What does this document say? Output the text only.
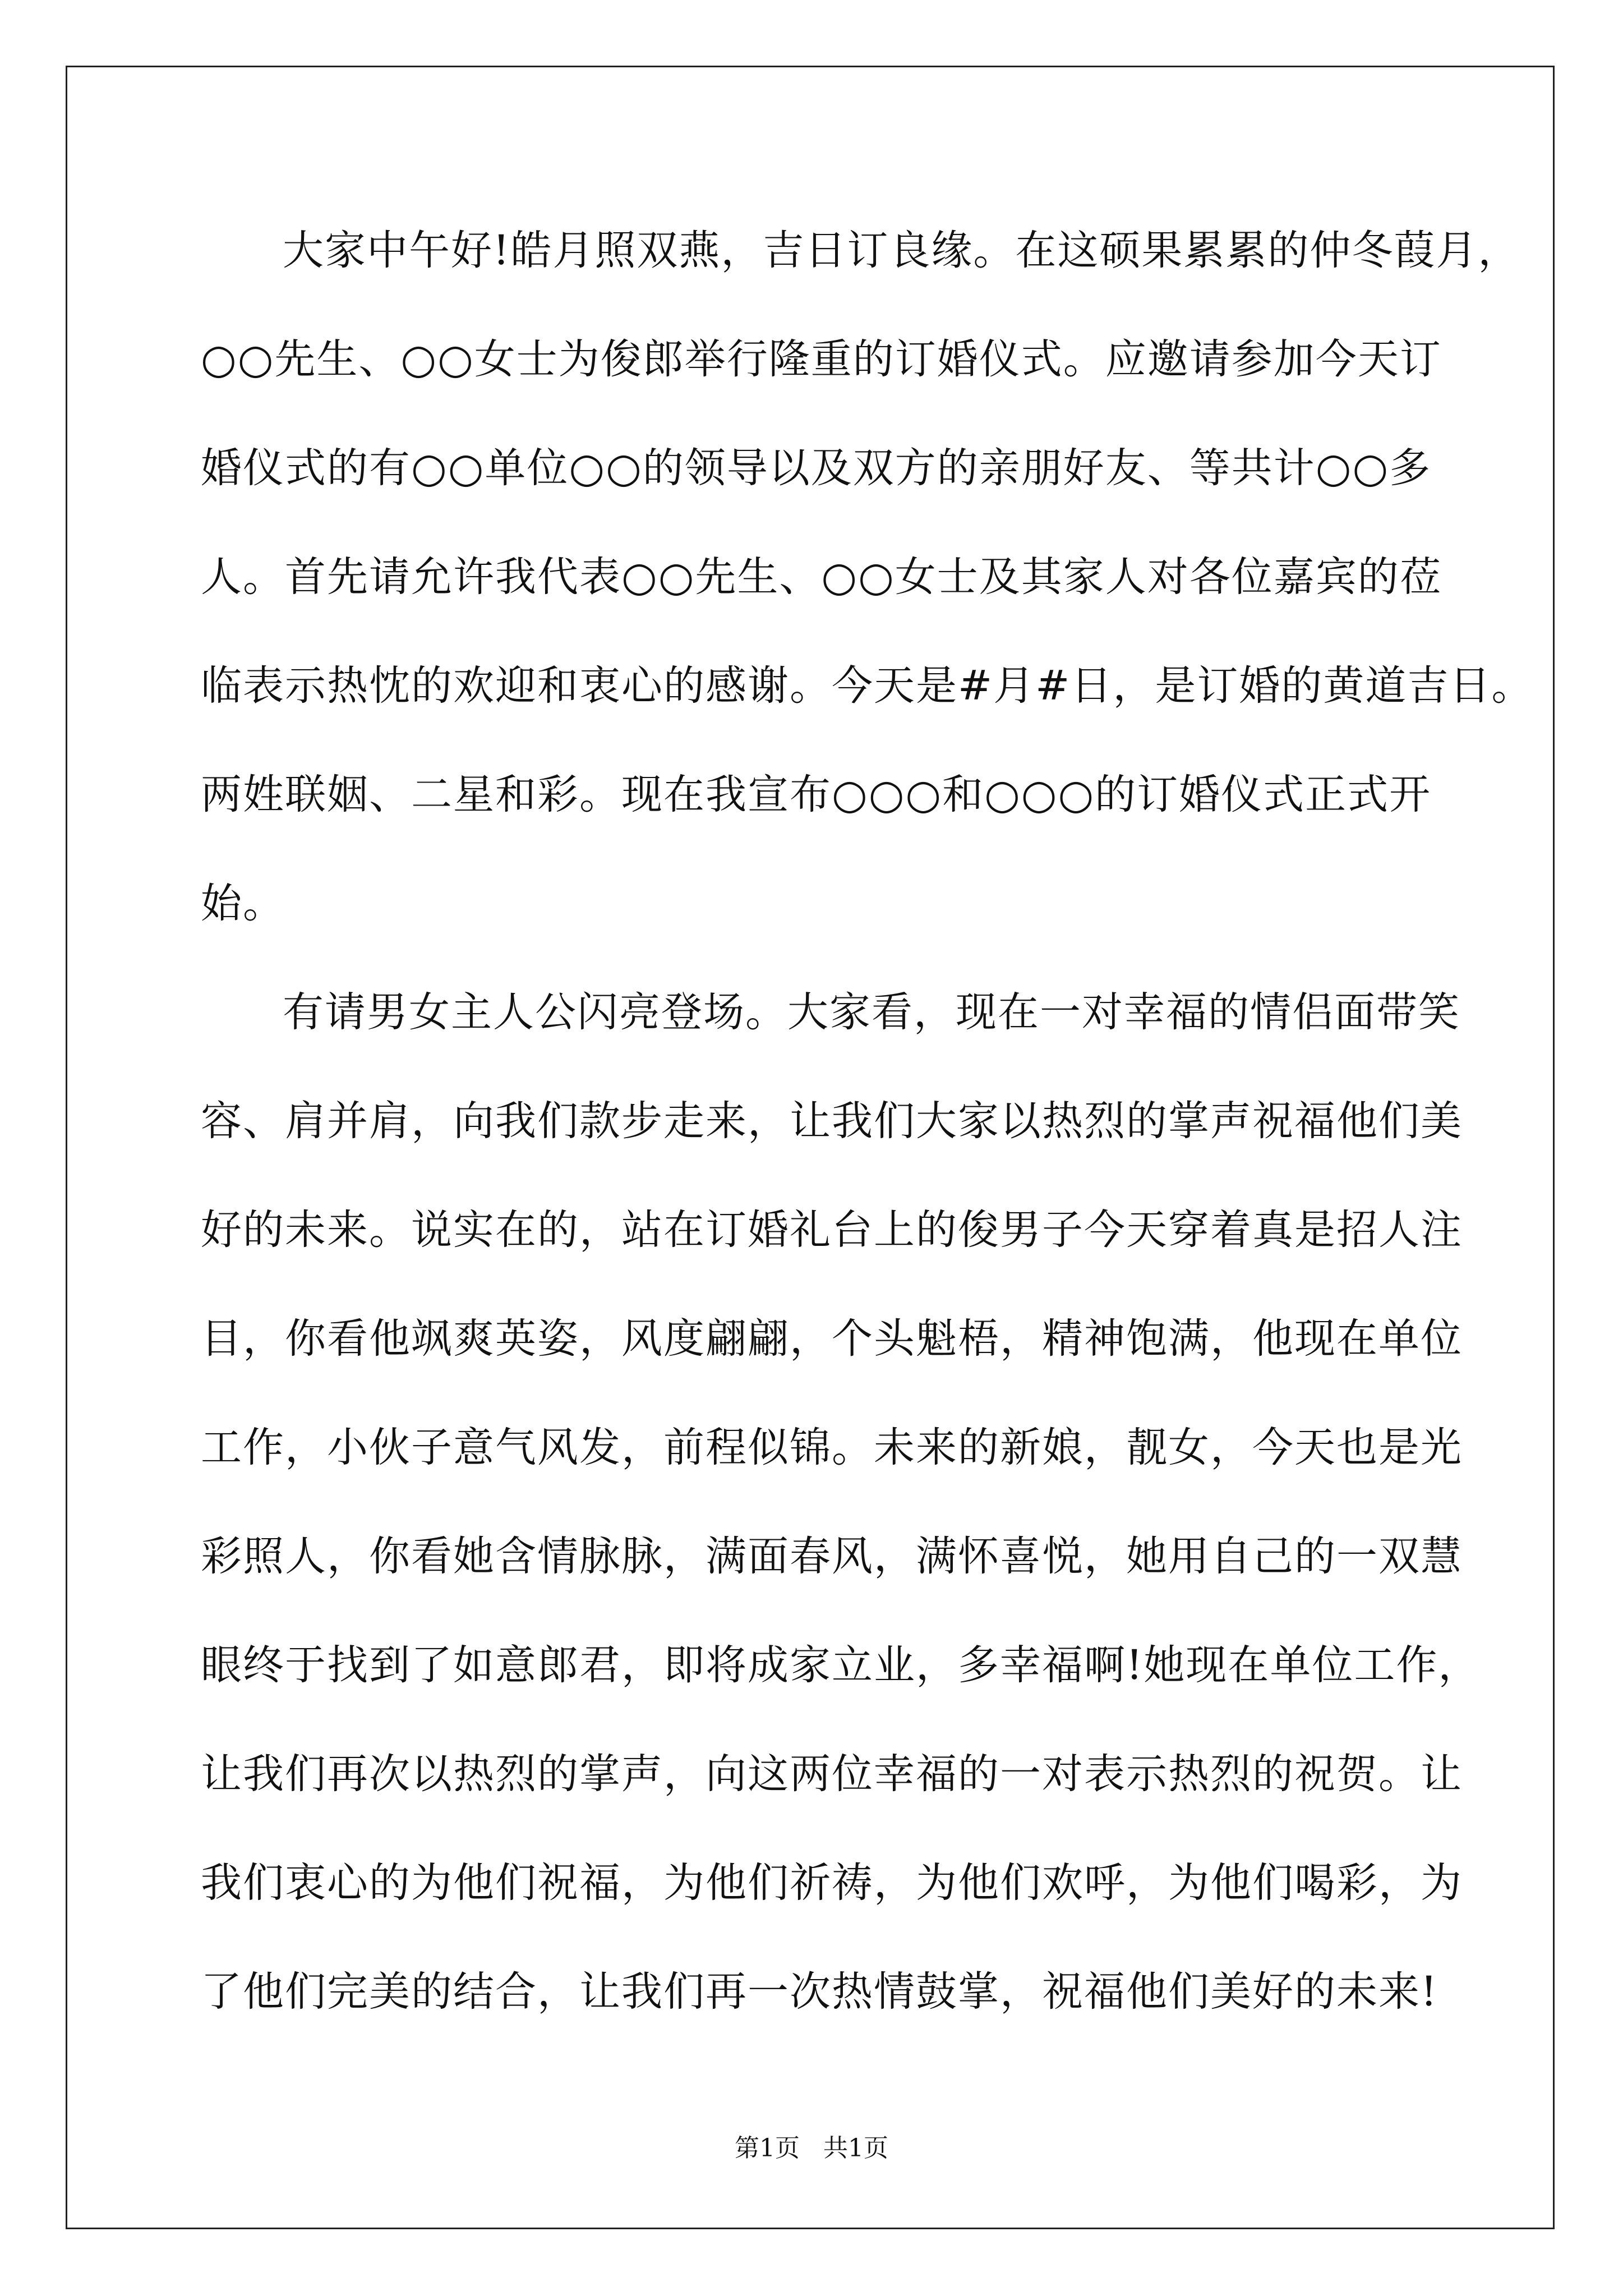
大家中午好!皓月照双燕，吉日订良缘。在这硕果累累的仲冬葭月，

○○先生、○○女士为俊郎举行隆重的订婚仪式。应邀请参加今天订

婚仪式的有○○单位○○的领导以及双方的亲朋好友、等共计○○多

人。首先请允许我代表○○先生、○○女士及其家人对各位嘉宾的莅

临表示热忱的欢迎和衷心的感谢。今天是#月#日，是订婚的黄道吉日。

两姓联姻、二星和彩。现在我宣布○○○和○○○的订婚仪式正式开

始。

有请男女主人公闪亮登场。大家看，现在一对幸福的情侣面带笑

容、肩并肩，向我们款步走来，让我们大家以热烈的掌声祝福他们美

好的未来。说实在的，站在订婚礼台上的俊男子今天穿着真是招人注

目，你看他飒爽英姿，风度翩翩，个头魁梧，精神饱满，他现在单位

工作，小伙子意气风发，前程似锦。未来的新娘，靓女，今天也是光

彩照人，你看她含情脉脉，满面春风，满怀喜悦，她用自己的一双慧

眼终于找到了如意郎君，即将成家立业，多幸福啊!她现在单位工作，

让我们再次以热烈的掌声，向这两位幸福的一对表示热烈的祝贺。让

我们衷心的为他们祝福，为他们祈祷，为他们欢呼，为他们喝彩，为

了他们完美的结合，让我们再一次热情鼓掌，祝福他们美好的未来!

第1页   共1页
